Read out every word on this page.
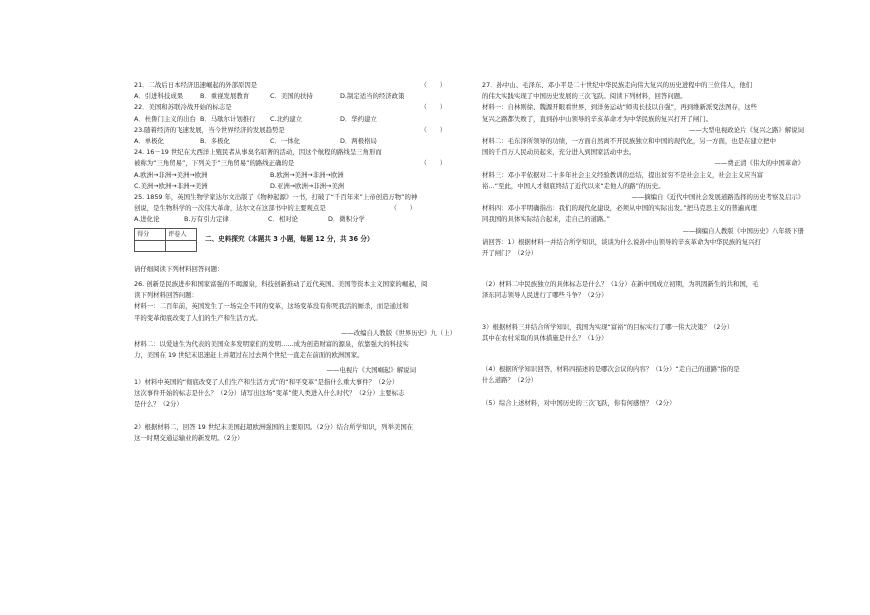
21．二战后日本经济迅速崛起的外部原因是	（　　）
A．引进科技成果	B．重视发展教育	C．美国的扶持	D.制定适当的经济政策
22．美国和苏联冷战开始的标志是	（　　）
A．杜鲁门主义的出台 B．马歇尔计划推行	C.北约建立	D．华约建立
23.随着经济的飞速发展，当今世界经济的发展趋势是	（　　）
A．单极化	B．多极化	C．一体化	D．两极格局
24. 16－19 世纪在大西洋上殖民者从事臭名昭著的活动，因这个航程的路线呈三角形而
被称为“三角贸易”，下列关于“三角贸易”的路线正确的是	（　　）
A.欧洲→非洲→美洲→欧洲	B.欧洲→美洲→非洲→欧洲
C.美洲→欧洲→非洲→美洲	D.亚洲→欧洲→非洲→美洲
25. 1859 年，英国生物学家达尔文出版了《物种起源》一书，打破了“千百年来”上帝创造万物”的神
创说，是生物科学的一次伟大革命，达尔文在这部书中的主要观点是	（　　）
A.进化论	B.万有引力定律	C．相对论	D．微积分学
得分	评卷人

二、史料探究（本题共 3 小题，每题 12 分，共 36 分）
请仔细阅读下列材料回答问题：
26. 创新是民族进步和国家富强的不竭源泉，科技创新推动了近代英国、美国等资本主义国家的崛起，阅
读下列材料回答问题：
材料一：二百年前，英国发生了一场完全不同的变革，这场变革没有你死我活的厮杀，而是通过和
平的变革彻底改变了人们的生产和生活方式。
——改编自人教版《世界历史》九（上）
材料二：以爱迪生为代表的美国众多发明家们的发明……成为创造财富的源泉，依靠强大的科技实
力，美国在 19 世纪末迅速赶上并超过在过去两个世纪一直走在前面的欧洲国家。
——电视片《大国崛起》解说词
1）材料中英国的“彻底改变了人们生产和生活方式”的“和平变革”是指什么重大事件？（2分）
这次事件开始的标志是什么？（2分）请写出这场“变革”使人类进入什么时代？（2分）主要标志
是什么？（2分）
2）根据材料二，回答 19 世纪末美国赶超欧洲强国的主要原因。（2分）结合所学知识，列举美国在
这一时期交通运输业的新发明。（2分）
27．孙中山、毛泽东、邓小平是二十世纪中华民族走向伟大复兴的历史进程中的三位伟人，他们
的伟大实践实现了中国历史发展的三次飞跃。阅读下列材料，回答问题。
材料一：自林则徐、魏源开眼看世界，到洋务运动“师夷长技以自强”，再到维新派变法图存，这些
复兴之路都失败了，直到孙中山领导的辛亥革命才为中华民族的复兴打开了闸门。
——大型电视政论片《复兴之路》解说词
材料二：毛东泽所领导的功绩，一方面自然离不开民族独立和中国的现代化，另一方面，也是在建立把中
国的千百万人民动员起来，充分进入到国家活动中去。
——费正清《伟大的中国革命》
材料三：邓小平依据对二十多年社会主义经验教训的总结，提出贫穷不是社会主义，社会主义应当富
裕…“至此，中国人才彻底终结了近代以来“走他人的路”的历史。
——摘编自《近代中国社会发展道路选择的历史考察及启示》
材料四：邓小平明确指出：我们的现代化建设，必须从中国的实际出发。”把马克思主义的普遍真理
同我国的具体实际结合起来，走自己的道路。”
——摘编自人教版《中国历史》八年级下册
请回答：1）根据材料一并结合所学知识，谈谈为什么说孙中山领导的辛亥革命为中华民族的复兴打
开了闸门？（2分）
（2）材料二中民族独立的具体标志是什么？（1分）在新中国成立初期，为巩固新生的共和国，毛
泽东同志领导人民进行了哪些斗争？（2分）
3）根据材料三并结合所学知识，我国为实现“富裕”的目标实行了哪一伟大决策？（2分）
其中在农村采取的具体措施是什么？（1分）
（4）根据所学知识回答，材料四描述的是哪次会议的内容？（1分）“走自己的道路”指的是
什么道路？（2分）
（5）综合上述材料，对中国历史的三次飞跃，你有何感悟？（2分）
